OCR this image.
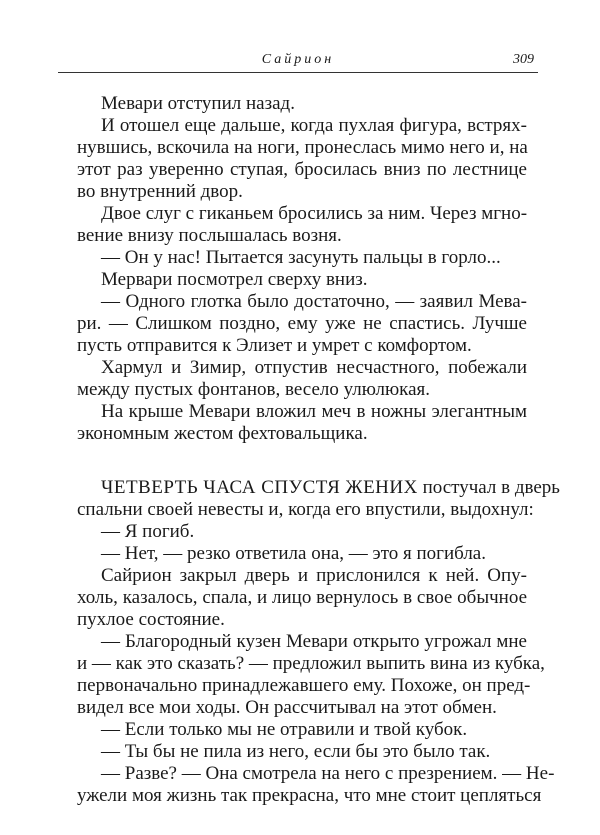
Сайрион	309
Мевари отступил назад.
И отошел еще дальше, когда пухлая фигура, встрях-
нувшись, вскочила на ноги, пронеслась мимо него и, на
этот раз уверенно ступая, бросилась вниз по лестнице
во внутренний двор.
Двое слуг с гиканьем бросились за ним. Через мгно-
вение внизу послышалась возня.
— Он у нас! Пытается засунуть пальцы в горло...
Мервари посмотрел сверху вниз.
— Одного глотка было достаточно, — заявил Мева-
ри. — Слишком поздно, ему уже не спастись. Лучше
пусть отправится к Элизет и умрет с комфортом.
Хармул и Зимир, отпустив несчастного, побежали
между пустых фонтанов, весело улюлюкая.
На крыше Мевари вложил меч в ножны элегантным
экономным жестом фехтовальщика.
ЧЕТВЕРТЬ ЧАСА СПУСТЯ ЖЕНИХ постучал в дверь
спальни своей невесты и, когда его впустили, выдохнул:
— Я погиб.
— Нет, — резко ответила она, — это я погибла.
Сайрион закрыл дверь и прислонился к ней. Опу-
холь, казалось, спала, и лицо вернулось в свое обычное
пухлое состояние.
— Благородный кузен Мевари открыто угрожал мне
и — как это сказать? — предложил выпить вина из кубка,
первоначально принадлежавшего ему. Похоже, он пред-
видел все мои ходы. Он рассчитывал на этот обмен.
— Если только мы не отравили и твой кубок.
— Ты бы не пила из него, если бы это было так.
— Разве? — Она смотрела на него с презрением. — Не-
ужели моя жизнь так прекрасна, что мне стоит цепляться
